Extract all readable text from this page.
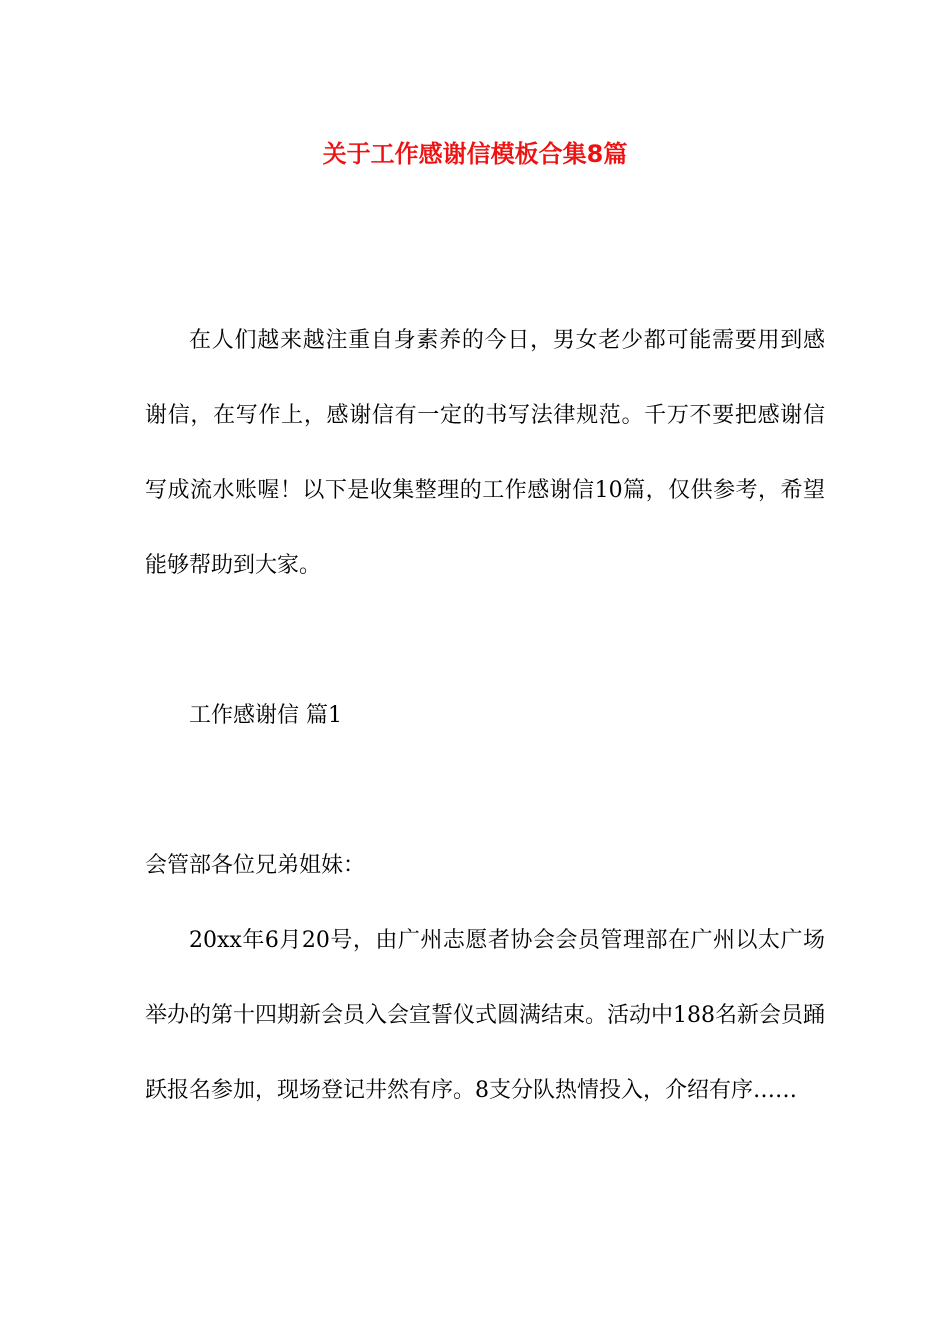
关于工作感谢信模板合集8篇

在人们越来越注重自身素养的今日，男女老少都可能需要用到感谢信，在写作上，感谢信有一定的书写法律规范。千万不要把感谢信写成流水账喔！以下是收集整理的工作感谢信10篇，仅供参考，希望能够帮助到大家。

工作感谢信 篇1

会管部各位兄弟姐妹：

20xx年6月20号，由广州志愿者协会会员管理部在广州以太广场举办的第十四期新会员入会宣誓仪式圆满结束。活动中188名新会员踊跃报名参加，现场登记井然有序。8支分队热情投入，介绍有序……
